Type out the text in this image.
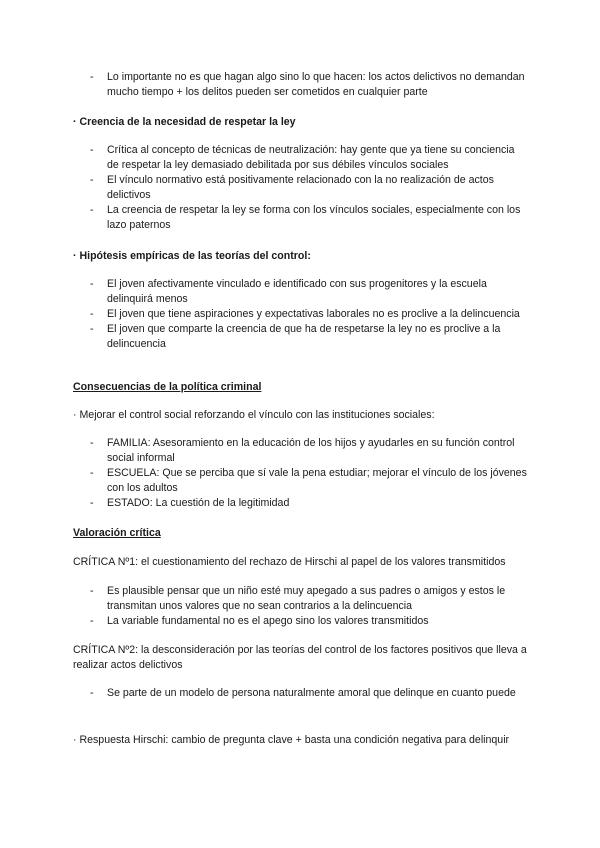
- Lo importante no es que hagan algo sino lo que hacen: los actos delictivos no demandan mucho tiempo + los delitos pueden ser cometidos en cualquier parte

· Creencia de la necesidad de respetar la ley

- Crítica al concepto de técnicas de neutralización: hay gente que ya tiene su conciencia de respetar la ley demasiado debilitada por sus débiles vínculos sociales
- El vínculo normativo está positivamente relacionado con la no realización de actos delictivos
- La creencia de respetar la ley se forma con los vínculos sociales, especialmente con los lazo paternos

· Hipótesis empíricas de las teorías del control:

- El joven afectivamente vinculado e identificado con sus progenitores y la escuela delinquirá menos
- El joven que tiene aspiraciones y expectativas laborales no es proclive a la delincuencia
- El joven que comparte la creencia de que ha de respetarse la ley no es proclive a la delincuencia

Consecuencias de la política criminal

· Mejorar el control social reforzando el vínculo con las instituciones sociales:

- FAMILIA: Asesoramiento en la educación de los hijos y ayudarles en su función control social informal
- ESCUELA: Que se perciba que sí vale la pena estudiar; mejorar el vínculo de los jóvenes con los adultos
- ESTADO: La cuestión de la legitimidad

Valoración crítica

CRÍTICA Nº1: el cuestionamiento del rechazo de Hirschi al papel de los valores transmitidos

- Es plausible pensar que un niño esté muy apegado a sus padres o amigos y estos le transmitan unos valores que no sean contrarios a la delincuencia
- La variable fundamental no es el apego sino los valores transmitidos

CRÍTICA Nº2: la desconsideración por las teorías del control de los factores positivos que lleva a realizar actos delictivos

- Se parte de un modelo de persona naturalmente amoral que delinque en cuanto puede

· Respuesta Hirschi: cambio de pregunta clave + basta una condición negativa para delinquir
